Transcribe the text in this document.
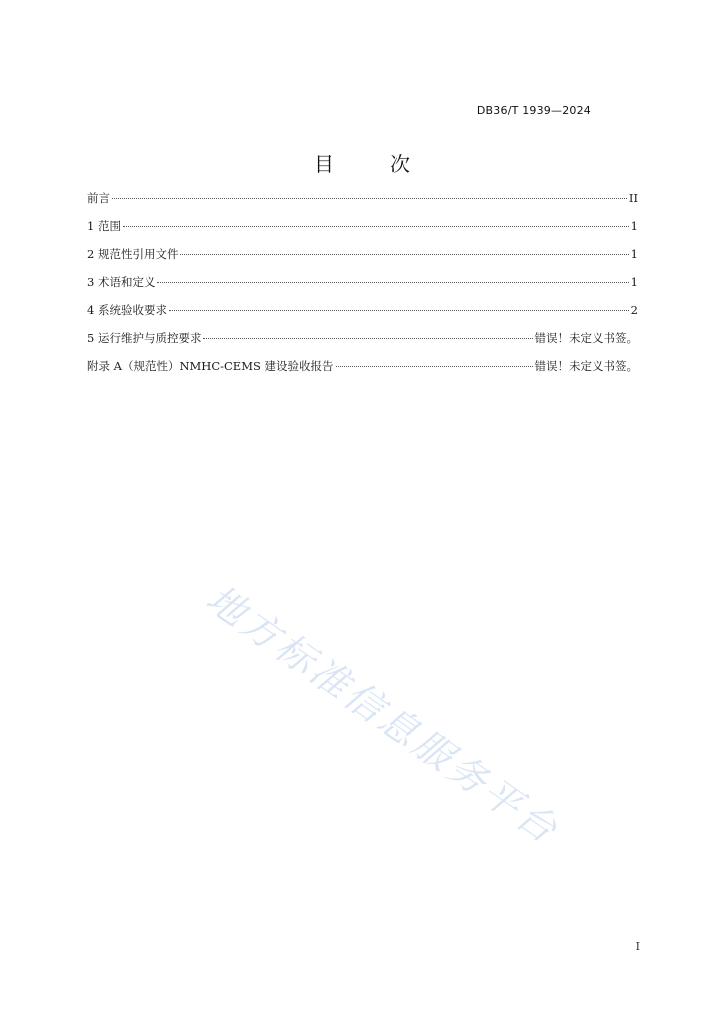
DB36/T 1939—2024
目　次
前言	II
1 范围	1
2 规范性引用文件	1
3 术语和定义	1
4 系统验收要求	2
5 运行维护与质控要求	错误！未定义书签。
附录 A（规范性）NMHC-CEMS 建设验收报告	错误！未定义书签。
地方标准信息服务平台
I
